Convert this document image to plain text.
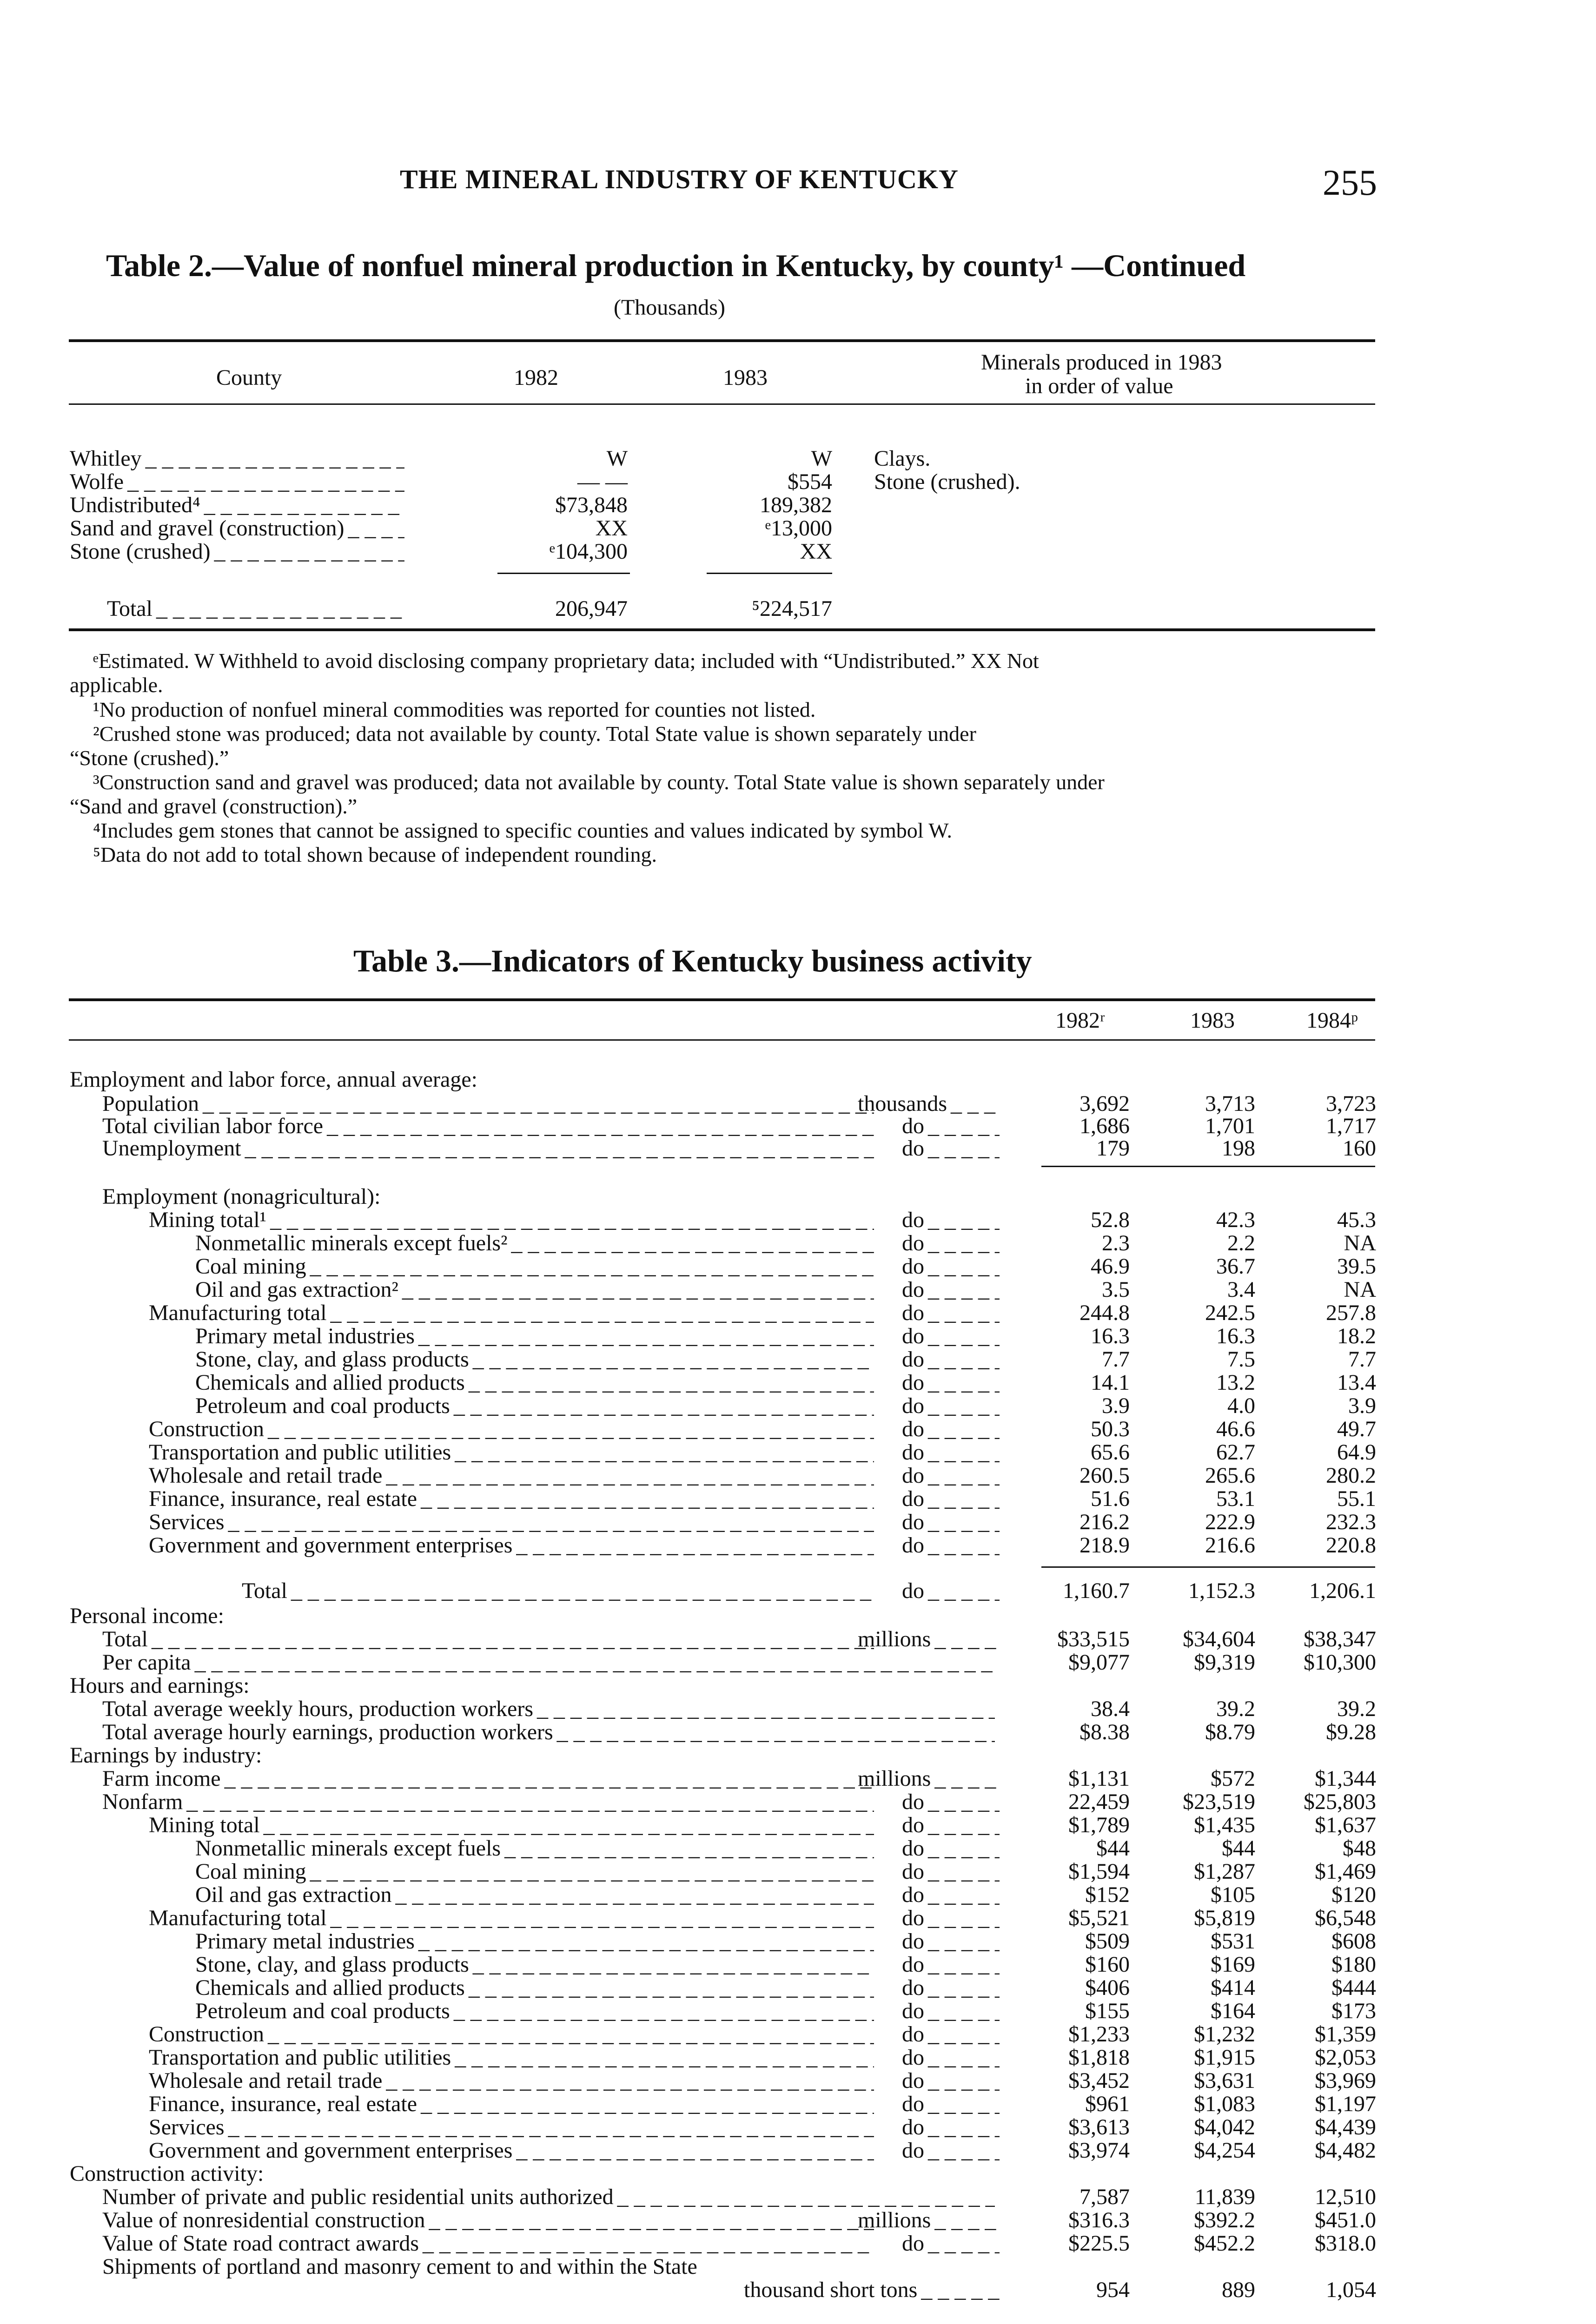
THE MINERAL INDUSTRY OF KENTUCKY	255
Table 2.—Value of nonfuel mineral production in Kentucky, by county¹ —Continued
(Thousands)
County	1982	1983
Minerals produced in 1983
in order of value
Whitley _ _ _	W	W Clays.
Wolfe _ _ _	— —	$554 Stone (crushed).
Undistributed⁴ _ _ _	$73,848	189,382
Sand and gravel (construction) _ _ _	XX	ᵉ13,000
Stone (crushed) _ _ _	ᵉ104,300	XX
Total _ _ _	206,947	⁵224,517
ᵉEstimated. W Withheld to avoid disclosing company proprietary data; included with “Undistributed.” XX Not
applicable.
¹No production of nonfuel mineral commodities was reported for counties not listed.
²Crushed stone was produced; data not available by county. Total State value is shown separately under
“Stone (crushed).”
³Construction sand and gravel was produced; data not available by county. Total State value is shown separately under
“Sand and gravel (construction).”
⁴Includes gem stones that cannot be assigned to specific counties and values indicated by symbol W.
⁵Data do not add to total shown because of independent rounding.
Table 3.—Indicators of Kentucky business activity
1982ʳ	1983	1984ᵖ
Employment and labor force, annual average:
Population _ _ _	thousands _ _ _	3,692	3,713	3,723
Total civilian labor force _ _ _	do _ _ _	1,686	1,701	1,717
Unemployment _ _ _	do _ _ _	179	198	160
Employment (nonagricultural):
Mining total¹ _ _ _	do _ _ _	52.8	42.3	45.3
Nonmetallic minerals except fuels² _ _ _	do _ _ _	2.3	2.2	NA
Coal mining _ _ _	do _ _ _	46.9	36.7	39.5
Oil and gas extraction² _ _ _	do _ _ _	3.5	3.4	NA
Manufacturing total _ _ _	do _ _ _	244.8	242.5	257.8
Primary metal industries _ _ _	do _ _ _	16.3	16.3	18.2
Stone, clay, and glass products _ _ _	do _ _ _	7.7	7.5	7.7
Chemicals and allied products _ _ _	do _ _ _	14.1	13.2	13.4
Petroleum and coal products _ _ _	do _ _ _	3.9	4.0	3.9
Construction _ _ _	do _ _ _	50.3	46.6	49.7
Transportation and public utilities _ _ _	do _ _ _	65.6	62.7	64.9
Wholesale and retail trade _ _ _	do _ _ _	260.5	265.6	280.2
Finance, insurance, real estate _ _ _	do _ _ _	51.6	53.1	55.1
Services _ _ _	do _ _ _	216.2	222.9	232.3
Government and government enterprises _ _ _	do _ _ _	218.9	216.6	220.8
Total _ _ _	do _ _ _	1,160.7	1,152.3	1,206.1
Personal income:
Total _ _ _	millions _ _ _	$33,515	$34,604	$38,347
Per capita _ _ _	$9,077	$9,319	$10,300
Hours and earnings:
Total average weekly hours, production workers _ _ _	38.4	39.2	39.2
Total average hourly earnings, production workers _ _ _	$8.38	$8.79	$9.28
Earnings by industry:
Farm income _ _ _	millions _ _ _	$1,131	$572	$1,344
Nonfarm _ _ _	do _ _ _	22,459	$23,519	$25,803
Mining total _ _ _	do _ _ _	$1,789	$1,435	$1,637
Nonmetallic minerals except fuels _ _ _	do _ _ _	$44	$44	$48
Coal mining _ _ _	do _ _ _	$1,594	$1,287	$1,469
Oil and gas extraction _ _ _	do _ _ _	$152	$105	$120
Manufacturing total _ _ _	do _ _ _	$5,521	$5,819	$6,548
Primary metal industries _ _ _	do _ _ _	$509	$531	$608
Stone, clay, and glass products _ _ _	do _ _ _	$160	$169	$180
Chemicals and allied products _ _ _	do _ _ _	$406	$414	$444
Petroleum and coal products _ _ _	do _ _ _	$155	$164	$173
Construction _ _ _	do _ _ _	$1,233	$1,232	$1,359
Transportation and public utilities _ _ _	do _ _ _	$1,818	$1,915	$2,053
Wholesale and retail trade _ _ _	do _ _ _	$3,452	$3,631	$3,969
Finance, insurance, real estate _ _ _	do _ _ _	$961	$1,083	$1,197
Services _ _ _	do _ _ _	$3,613	$4,042	$4,439
Government and government enterprises _ _ _	do _ _ _	$3,974	$4,254	$4,482
Construction activity:
Number of private and public residential units authorized _ _ _	7,587	11,839	12,510
Value of nonresidential construction _ _ _	millions _ _ _	$316.3	$392.2	$451.0
Value of State road contract awards _ _ _	do _ _ _	$225.5	$452.2	$318.0
Shipments of portland and masonry cement to and within the State
thousand short tons _ _ _	954	889	1,054
